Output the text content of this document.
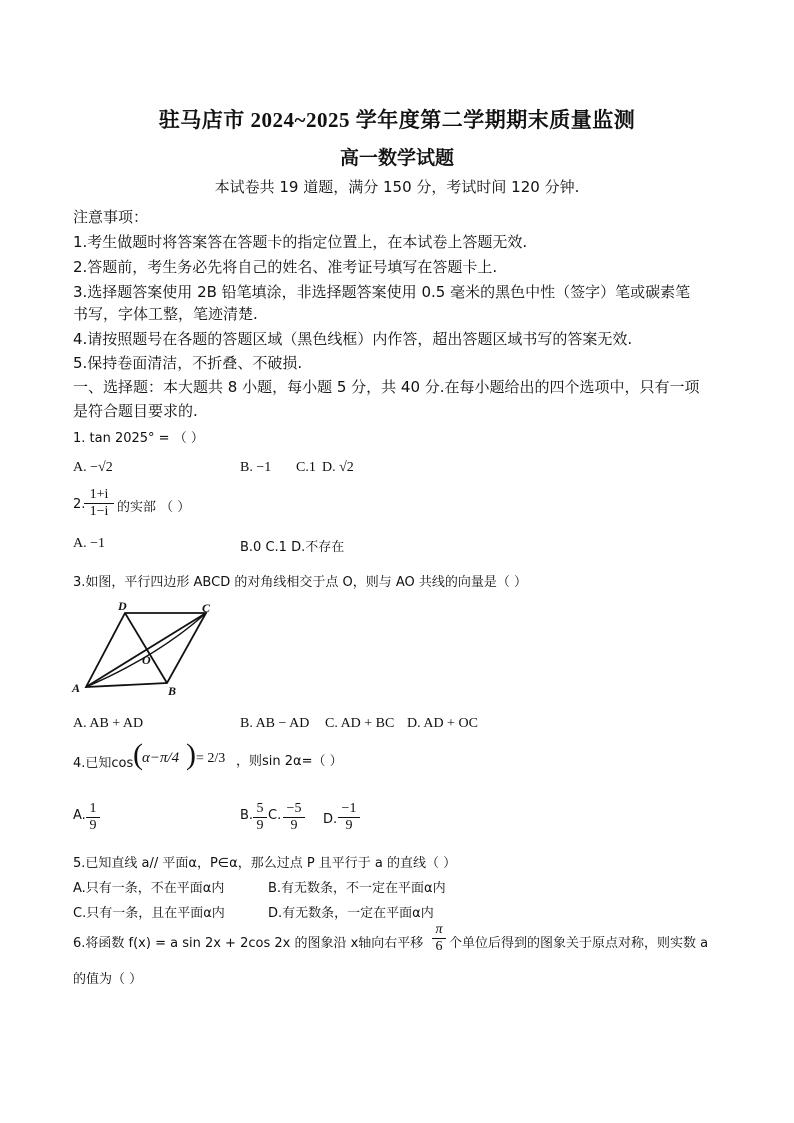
驻马店市 2024~2025 学年度第二学期期末质量监测
高一数学试题
本试卷共 19 道题，满分 150 分，考试时间 120 分钟.
注意事项：
1.考生做题时将答案答在答题卡的指定位置上，在本试卷上答题无效.
2.答题前，考生务必先将自己的姓名、准考证号填写在答题卡上.
3.选择题答案使用 2B 铅笔填涂，非选择题答案使用 0.5 毫米的黑色中性（签字）笔或碳素笔
书写，字体工整，笔迹清楚.
4.请按照题号在各题的答题区域（黑色线框）内作答，超出答题区域书写的答案无效.
5.保持卷面清洁，不折叠、不破损.
一、选择题：本大题共 8 小题，每小题 5 分，共 40 分.在每小题给出的四个选项中，只有一项
是符合题目要求的.
1. tan 2025° = （ ）
A. −√2	B. −1 C.1 D. √2
2.
$\frac{1+i}{1-i}$ 的实部 （ ）
A. −1	B.0 C.1 D.不存在
3.如图，平行四边形 ABCD 的对角线相交于点 O，则与 AO 共线的向量是（ ）
A	B
C
D
O
A. AB + AD	B. AB − AD C. AD + BC D. AD + OC
4.已知cos ( α−π/4 ) = 2/3 ，则sin 2α=（ ）
A. $\frac{1}{9}$	B. $\frac{5}{9} C$. $\frac{-5}{9} D$. $\frac{-1}{9}$
5.已知直线 a// 平面α，P∈α，那么过点 P 且平行于 a 的直线（ ）
A.只有一条，不在平面α内	B.有无数条，不一定在平面α内
C.只有一条，且在平面α内	D.有无数条，一定在平面α内
6.将函数 f(x) = a sin 2x + 2cos 2x 的图象沿 x轴向右平移 $\frac{\pi}{6}$ 个单位后得到的图象关于原点对称，则实数 a
的值为（ ）
